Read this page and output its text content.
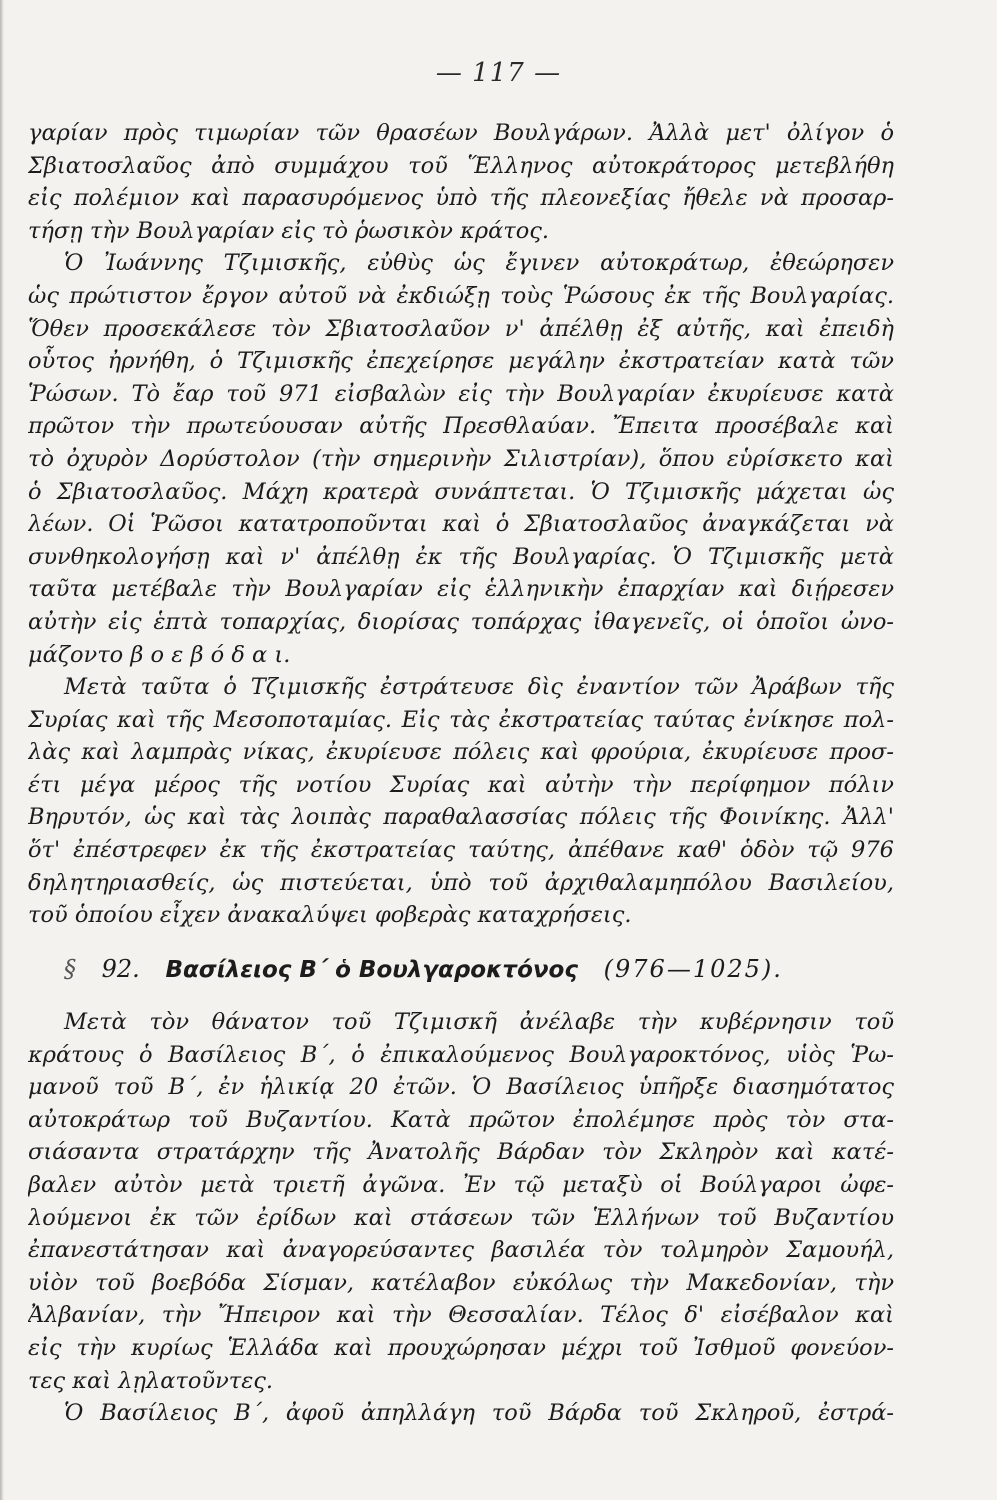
— 117 —
γαρίαν πρὸς τιμωρίαν τῶν θρασέων Βουλγάρων. Ἀλλὰ μετ' ὀλίγον ὁ
Σβιατοσλαῦος ἀπὸ συμμάχου τοῦ Ἕλληνος αὐτοκράτορος μετεβλήθη
εἰς πολέμιον καὶ παρασυρόμενος ὑπὸ τῆς πλεονεξίας ἤθελε νὰ προσαρ-
τήσῃ τὴν Βουλγαρίαν εἰς τὸ ῥωσικὸν κράτος.
Ὁ Ἰωάννης Τζιμισκῆς, εὐθὺς ὡς ἔγινεν αὐτοκράτωρ, ἐθεώρησεν
ὡς πρώτιστον ἔργον αὐτοῦ νὰ ἐκδιώξῃ τοὺς Ῥώσους ἐκ τῆς Βουλγαρίας.
Ὅθεν προσεκάλεσε τὸν Σβιατοσλαῦον ν' ἀπέλθῃ ἐξ αὐτῆς, καὶ ἐπειδὴ
οὗτος ἠρνήθη, ὁ Τζιμισκῆς ἐπεχείρησε μεγάλην ἐκστρατείαν κατὰ τῶν
Ῥώσων. Τὸ ἔαρ τοῦ 971 εἰσβαλὼν εἰς τὴν Βουλγαρίαν ἐκυρίευσε κατὰ
πρῶτον τὴν πρωτεύουσαν αὐτῆς Πρεσθλαύαν. Ἔπειτα προσέβαλε καὶ
τὸ ὀχυρὸν Δορύστολον (τὴν σημερινὴν Σιλιστρίαν), ὅπου εὑρίσκετο καὶ
ὁ Σβιατοσλαῦος. Μάχη κρατερὰ συνάπτεται. Ὁ Τζιμισκῆς μάχεται ὡς
λέων. Οἱ Ῥῶσοι κατατροποῦνται καὶ ὁ Σβιατοσλαῦος ἀναγκάζεται νὰ
συνθηκολογήσῃ καὶ ν' ἀπέλθῃ ἐκ τῆς Βουλγαρίας. Ὁ Τζιμισκῆς μετὰ
ταῦτα μετέβαλε τὴν Βουλγαρίαν εἰς ἑλληνικὴν ἐπαρχίαν καὶ διῄρεσεν
αὐτὴν εἰς ἑπτὰ τοπαρχίας, διορίσας τοπάρχας ἰθαγενεῖς, οἱ ὁποῖοι ὠνο-
μάζοντο β ο ε β ό δ α ι.
Μετὰ ταῦτα ὁ Τζιμισκῆς ἐστράτευσε δὶς ἐναντίον τῶν Ἀράβων τῆς
Συρίας καὶ τῆς Μεσοποταμίας. Εἰς τὰς ἐκστρατείας ταύτας ἐνίκησε πολ-
λὰς καὶ λαμπρὰς νίκας, ἐκυρίευσε πόλεις καὶ φρούρια, ἐκυρίευσε προσ-
έτι μέγα μέρος τῆς νοτίου Συρίας καὶ αὐτὴν τὴν περίφημον πόλιν
Βηρυτόν, ὡς καὶ τὰς λοιπὰς παραθαλασσίας πόλεις τῆς Φοινίκης. Ἀλλ'
ὅτ' ἐπέστρεφεν ἐκ τῆς ἐκστρατείας ταύτης, ἀπέθανε καθ' ὁδὸν τῷ 976
δηλητηριασθείς, ὡς πιστεύεται, ὑπὸ τοῦ ἀρχιθαλαμηπόλου Βασιλείου,
τοῦ ὁποίου εἶχεν ἀνακαλύψει φοβερὰς καταχρήσεις.
§ 92. Βασίλειος Β΄ ὁ Βουλγαροκτόνος (976—1025).
Μετὰ τὸν θάνατον τοῦ Τζιμισκῆ ἀνέλαβε τὴν κυβέρνησιν τοῦ
κράτους ὁ Βασίλειος Β΄, ὁ ἐπικαλούμενος Βουλγαροκτόνος, υἱὸς Ῥω-
μανοῦ τοῦ Β΄, ἐν ἡλικίᾳ 20 ἐτῶν. Ὁ Βασίλειος ὑπῆρξε διασημότατος
αὐτοκράτωρ τοῦ Βυζαντίου. Κατὰ πρῶτον ἐπολέμησε πρὸς τὸν στα-
σιάσαντα στρατάρχην τῆς Ἀνατολῆς Βάρδαν τὸν Σκληρὸν καὶ κατέ-
βαλεν αὐτὸν μετὰ τριετῆ ἀγῶνα. Ἐν τῷ μεταξὺ οἱ Βούλγαροι ὠφε-
λούμενοι ἐκ τῶν ἐρίδων καὶ στάσεων τῶν Ἑλλήνων τοῦ Βυζαντίου
ἐπανεστάτησαν καὶ ἀναγορεύσαντες βασιλέα τὸν τολμηρὸν Σαμουήλ,
υἱὸν τοῦ βοεβόδα Σίσμαν, κατέλαβον εὐκόλως τὴν Μακεδονίαν, τὴν
Ἀλβανίαν, τὴν Ἤπειρον καὶ τὴν Θεσσαλίαν. Τέλος δ' εἰσέβαλον καὶ
εἰς τὴν κυρίως Ἑλλάδα καὶ προυχώρησαν μέχρι τοῦ Ἰσθμοῦ φονεύον-
τες καὶ λῃλατοῦντες.
Ὁ Βασίλειος Β΄, ἀφοῦ ἀπηλλάγη τοῦ Βάρδα τοῦ Σκληροῦ, ἐστρά-
